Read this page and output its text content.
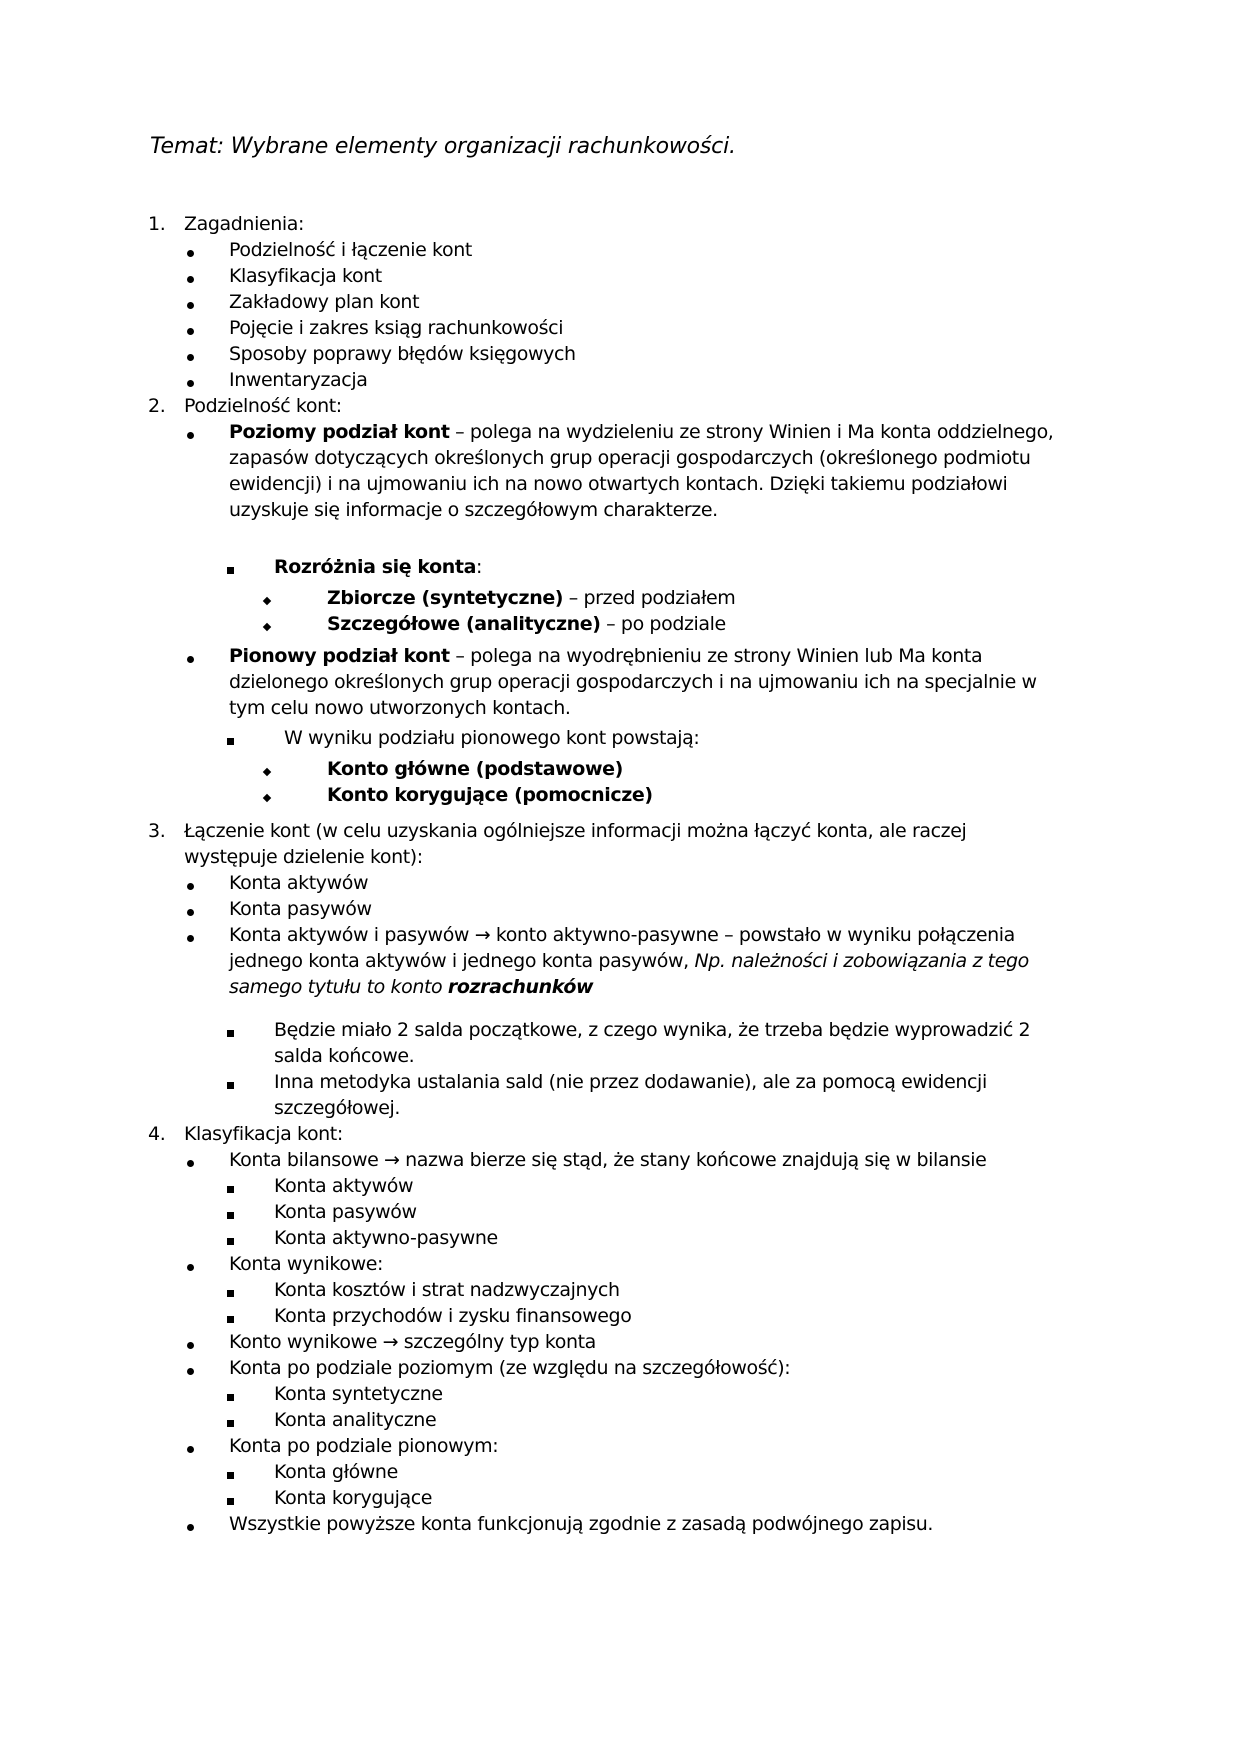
Temat: Wybrane elementy organizacji rachunkowości.
1. Zagadnienia:
Podzielność i łączenie kont
Klasyfikacja kont
Zakładowy plan kont
Pojęcie i zakres ksiąg rachunkowości
Sposoby poprawy błędów księgowych
Inwentaryzacja
2. Podzielność kont:
Poziomy podział kont – polega na wydzieleniu ze strony Winien i Ma konta oddzielnego,
zapasów dotyczących określonych grup operacji gospodarczych (określonego podmiotu
ewidencji) i na ujmowaniu ich na nowo otwartych kontach. Dzięki takiemu podziałowi
uzyskuje się informacje o szczegółowym charakterze.
Rozróżnia się konta:
Zbiorcze (syntetyczne) – przed podziałem
Szczegółowe (analityczne) – po podziale
Pionowy podział kont – polega na wyodrębnieniu ze strony Winien lub Ma konta
dzielonego określonych grup operacji gospodarczych i na ujmowaniu ich na specjalnie w
tym celu nowo utworzonych kontach.
W wyniku podziału pionowego kont powstają:
Konto główne (podstawowe)
Konto korygujące (pomocnicze)
3. Łączenie kont (w celu uzyskania ogólniejsze informacji można łączyć konta, ale raczej
występuje dzielenie kont):
Konta aktywów
Konta pasywów
Konta aktywów i pasywów → konto aktywno-pasywne – powstało w wyniku połączenia
jednego konta aktywów i jednego konta pasywów, Np. należności i zobowiązania z tego
samego tytułu to konto rozrachunków
Będzie miało 2 salda początkowe, z czego wynika, że trzeba będzie wyprowadzić 2
salda końcowe.
Inna metodyka ustalania sald (nie przez dodawanie), ale za pomocą ewidencji
szczegółowej.
4. Klasyfikacja kont:
Konta bilansowe → nazwa bierze się stąd, że stany końcowe znajdują się w bilansie
Konta aktywów
Konta pasywów
Konta aktywno-pasywne
Konta wynikowe:
Konta kosztów i strat nadzwyczajnych
Konta przychodów i zysku finansowego
Konto wynikowe → szczególny typ konta
Konta po podziale poziomym (ze względu na szczegółowość):
Konta syntetyczne
Konta analityczne
Konta po podziale pionowym:
Konta główne
Konta korygujące
Wszystkie powyższe konta funkcjonują zgodnie z zasadą podwójnego zapisu.
